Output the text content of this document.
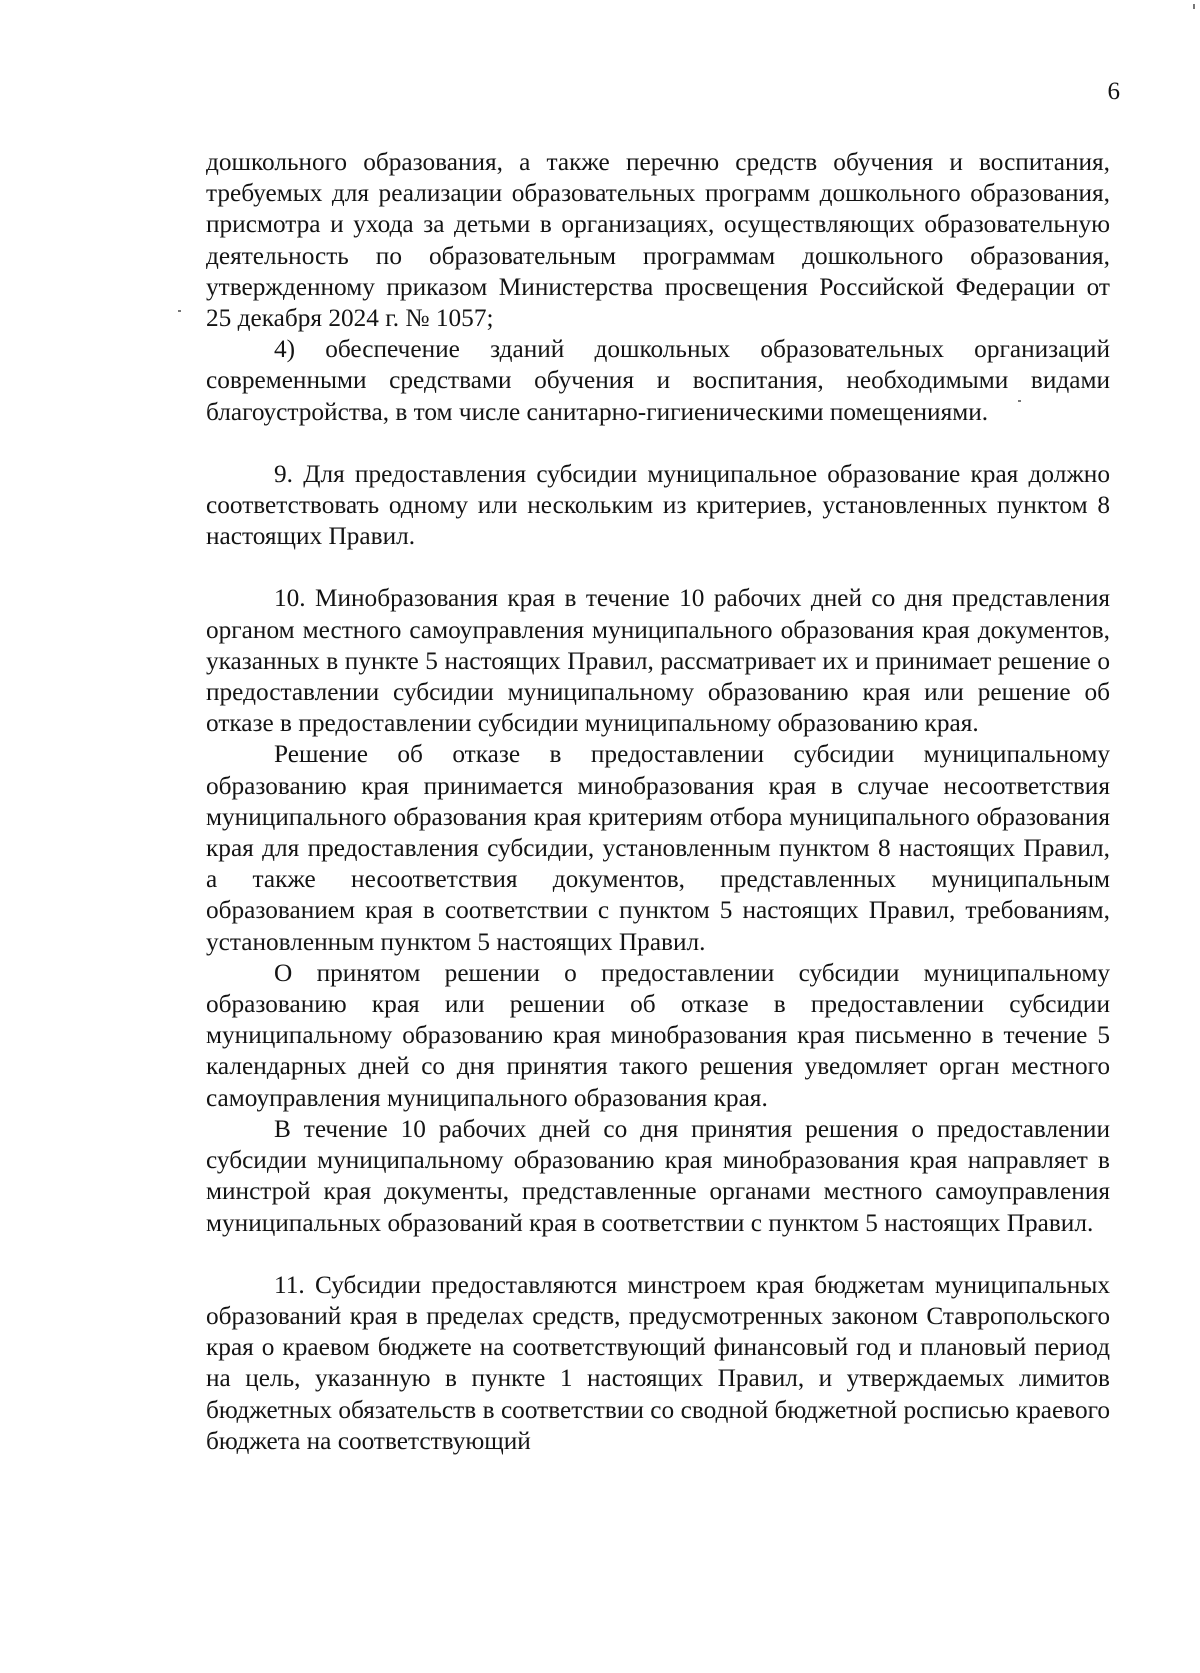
6

дошкольного образования, а также перечню средств обучения и воспитания, требуемых для реализации образовательных программ дошкольного образования, присмотра и ухода за детьми в организациях, осуществляющих образовательную деятельность по образовательным программам дошкольного образования, утвержденному приказом Министерства просвещения Российской Федерации от 25 декабря 2024 г. № 1057;

4) обеспечение зданий дошкольных образовательных организаций современными средствами обучения и воспитания, необходимыми видами благоустройства, в том числе санитарно-гигиеническими помещениями.

9. Для предоставления субсидии муниципальное образование края должно соответствовать одному или нескольким из критериев, установленных пунктом 8 настоящих Правил.

10. Минобразования края в течение 10 рабочих дней со дня представления органом местного самоуправления муниципального образования края документов, указанных в пункте 5 настоящих Правил, рассматривает их и принимает решение о предоставлении субсидии муниципальному образованию края или решение об отказе в предоставлении субсидии муниципальному образованию края.

Решение об отказе в предоставлении субсидии муниципальному образованию края принимается минобразования края в случае несоответствия муниципального образования края критериям отбора муниципального образования края для предоставления субсидии, установленным пунктом 8 настоящих Правил, а также несоответствия документов, представленных муниципальным образованием края в соответствии с пунктом 5 настоящих Правил, требованиям, установленным пунктом 5 настоящих Правил.

О принятом решении о предоставлении субсидии муниципальному образованию края или решении об отказе в предоставлении субсидии муниципальному образованию края минобразования края письменно в течение 5 календарных дней со дня принятия такого решения уведомляет орган местного самоуправления муниципального образования края.

В течение 10 рабочих дней со дня принятия решения о предоставлении субсидии муниципальному образованию края минобразования края направляет в минстрой края документы, представленные органами местного самоуправления муниципальных образований края в соответствии с пунктом 5 настоящих Правил.

11. Субсидии предоставляются минстроем края бюджетам муниципальных образований края в пределах средств, предусмотренных законом Ставропольского края о краевом бюджете на соответствующий финансовый год и плановый период на цель, указанную в пункте 1 настоящих Правил, и утверждаемых лимитов бюджетных обязательств в соответствии со сводной бюджетной росписью краевого бюджета на соответствующий
